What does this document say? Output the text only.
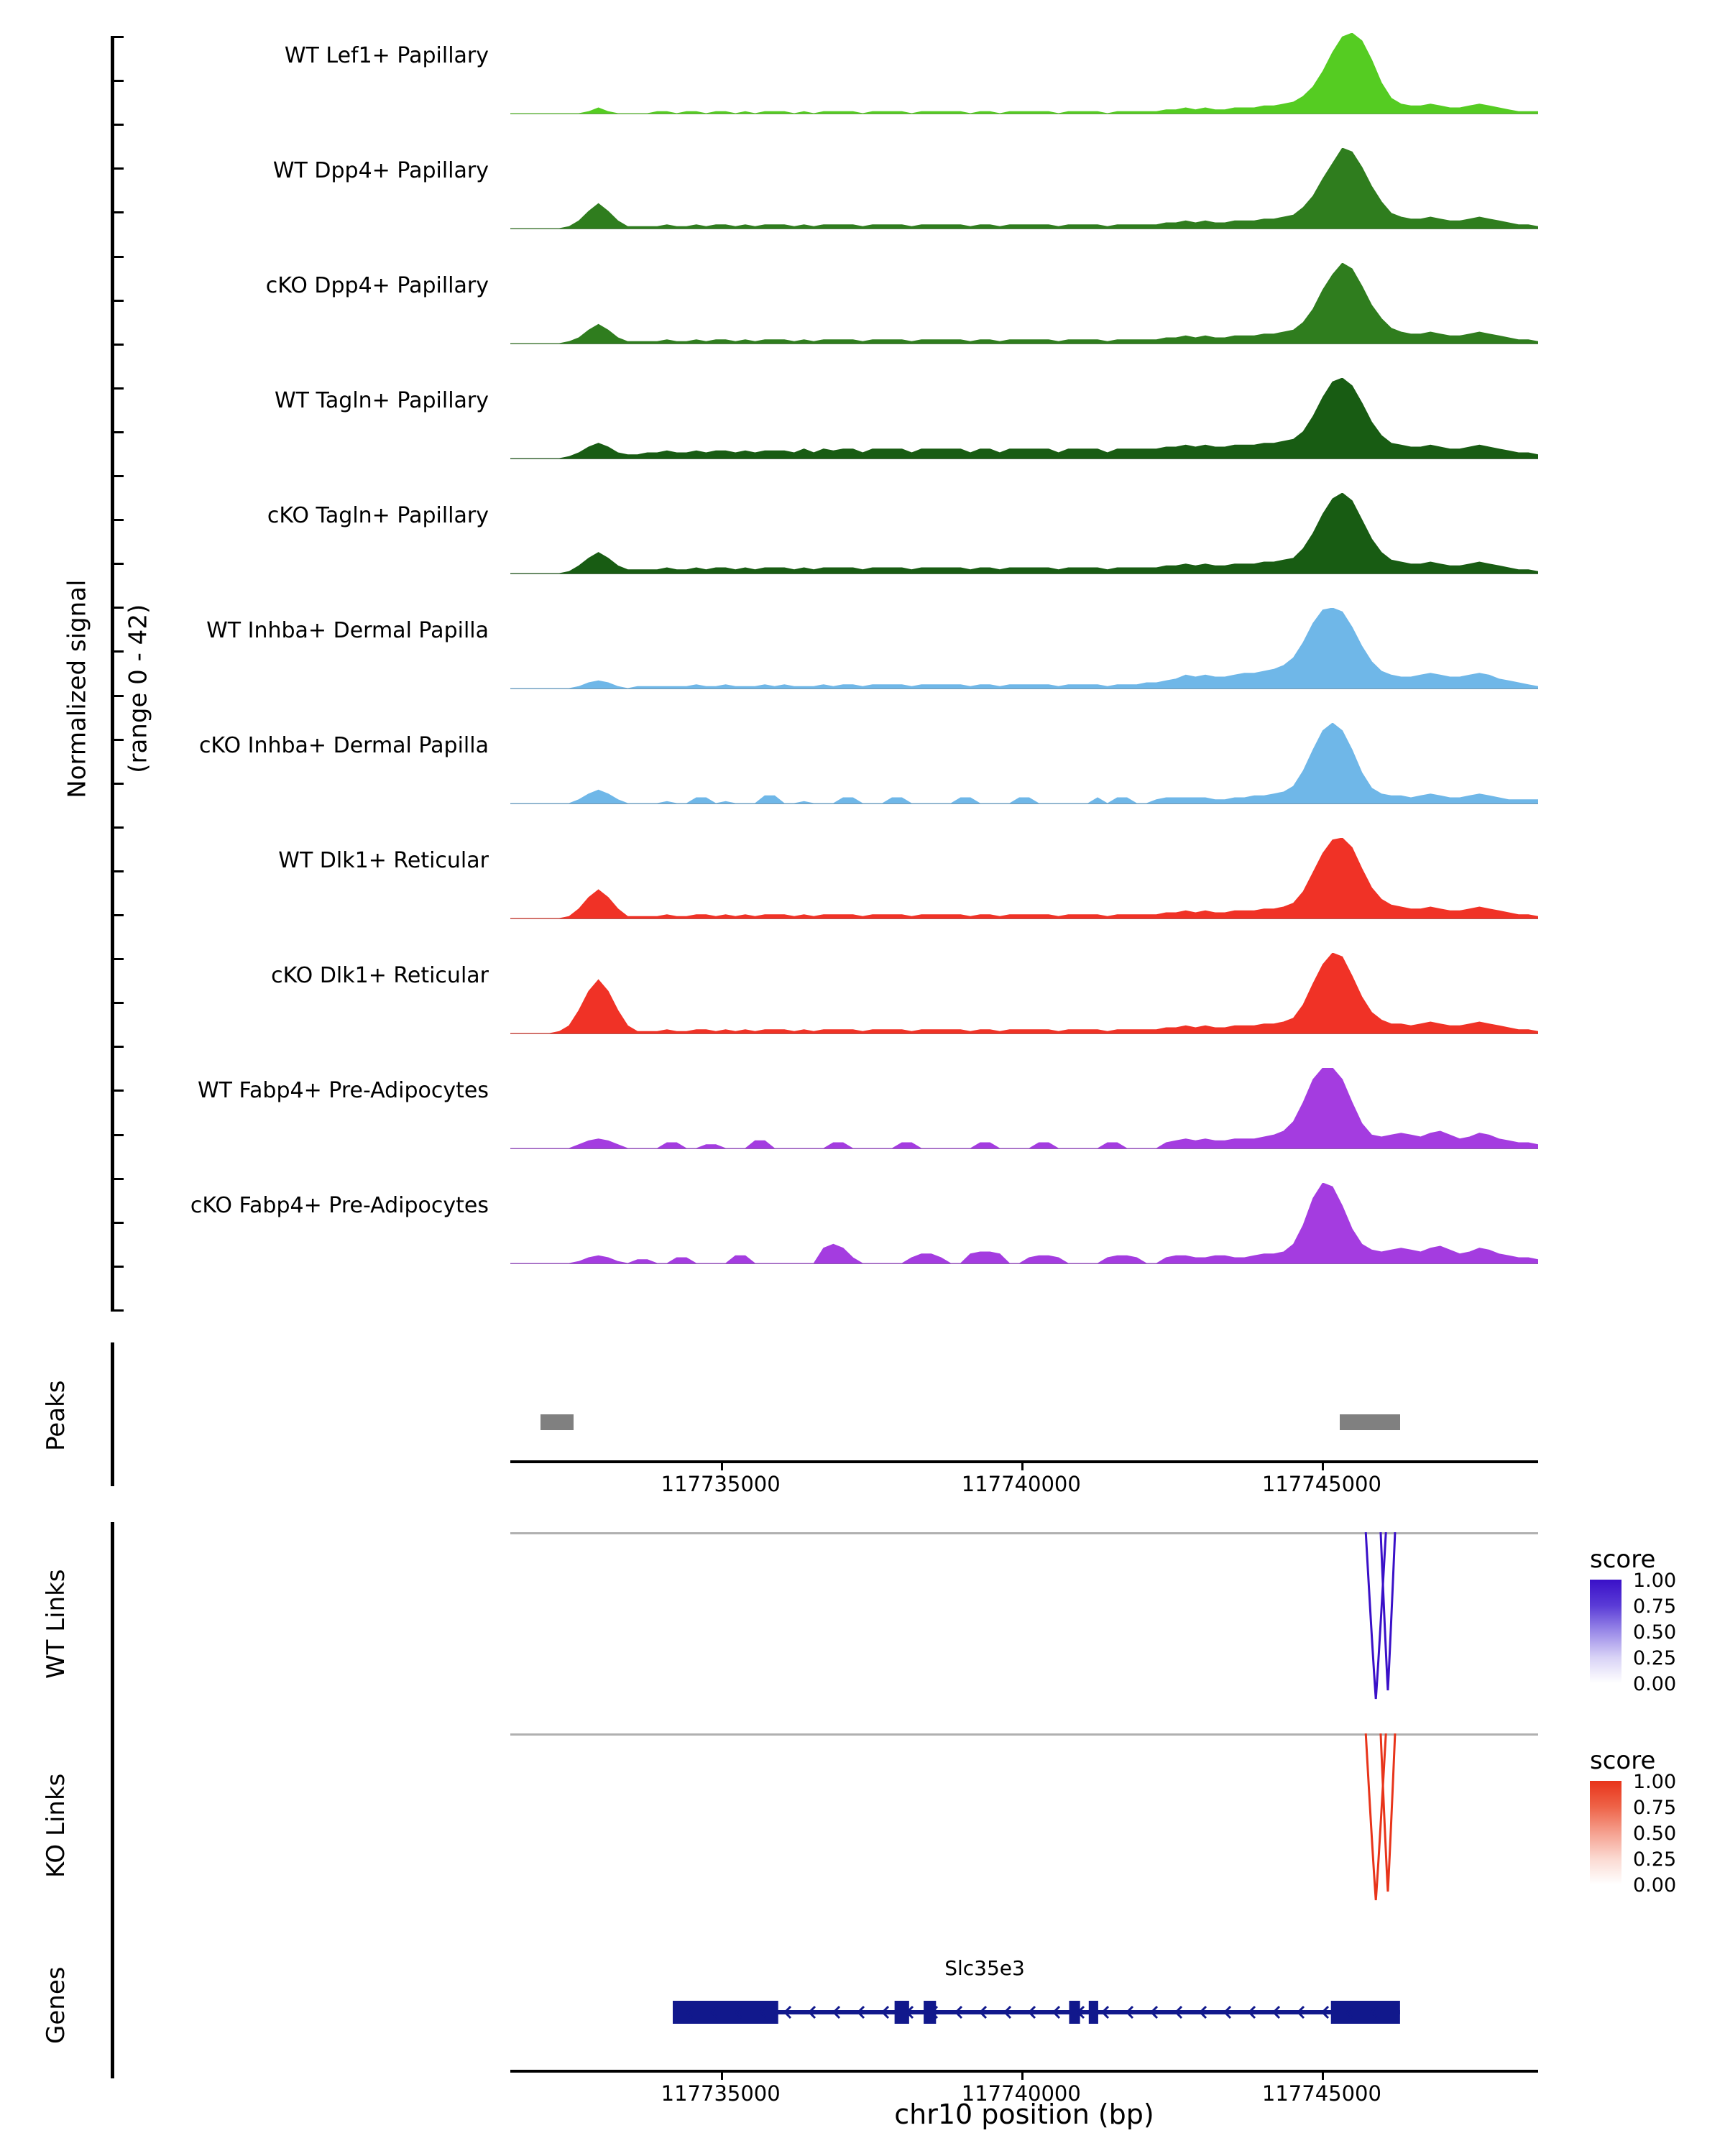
Normalized signal
(range 0 - 42)

WT Lef1+ Papillary
WT Dpp4+ Papillary
cKO Dpp4+ Papillary
WT Tagln+ Papillary
cKO Tagln+ Papillary
WT Inhba+ Dermal Papilla
cKO Inhba+ Dermal Papilla
WT Dlk1+ Reticular
cKO Dlk1+ Reticular
WT Fabp4+ Pre-Adipocytes
cKO Fabp4+ Pre-Adipocytes
Peaks
117735000	117740000	117745000
WT Links
score
1.00
0.75
0.50
0.25
0.00
KO Links
score
1.00
0.75
0.50
0.25
0.00
Genes	Slc35e3
117735000	117740000	117745000
chr10 position (bp)
